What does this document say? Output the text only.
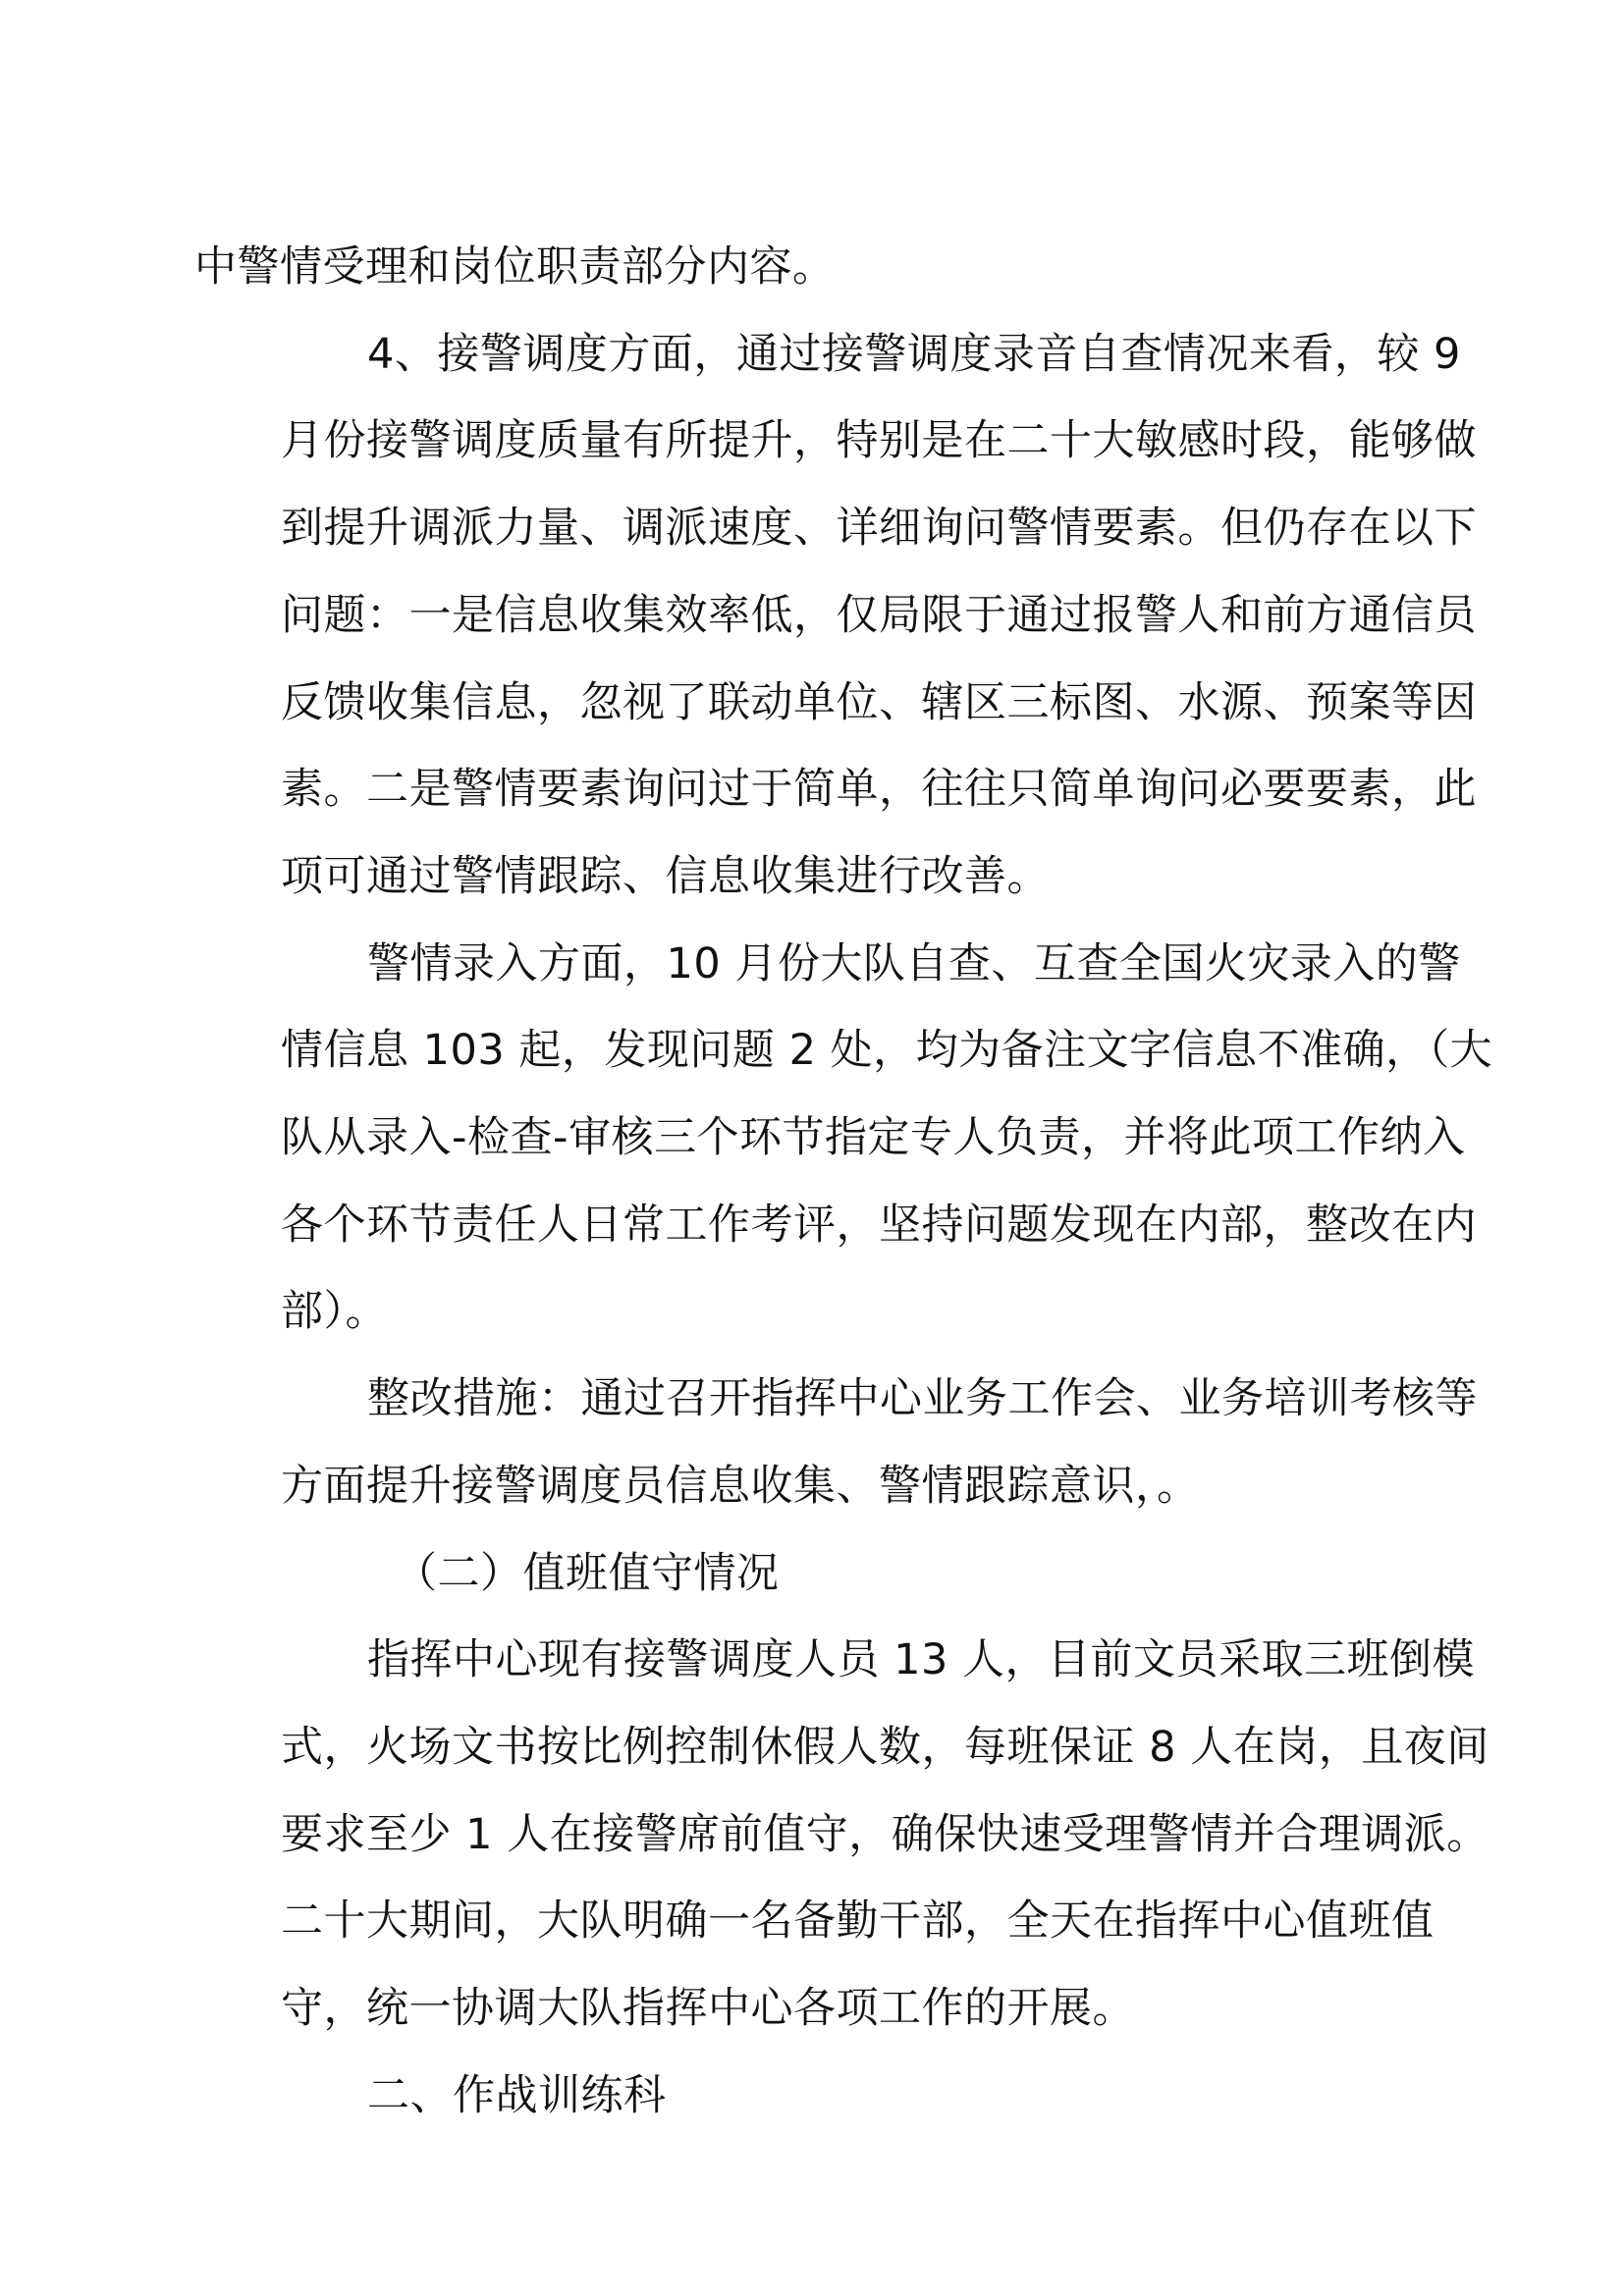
中警情受理和岗位职责部分内容。

4、接警调度方面，通过接警调度录音自查情况来看，较 9
月份接警调度质量有所提升，特别是在二十大敏感时段，能够做
到提升调派力量、调派速度、详细询问警情要素。但仍存在以下
问题：一是信息收集效率低，仅局限于通过报警人和前方通信员
反馈收集信息，忽视了联动单位、辖区三标图、水源、预案等因
素。二是警情要素询问过于简单，往往只简单询问必要要素，此
项可通过警情跟踪、信息收集进行改善。
警情录入方面，10 月份大队自查、互查全国火灾录入的警
情信息 103 起，发现问题 2 处，均为备注文字信息不准确，（大
队从录入-检查-审核三个环节指定专人负责，并将此项工作纳入
各个环节责任人日常工作考评，坚持问题发现在内部，整改在内
部）。
整改措施：通过召开指挥中心业务工作会、业务培训考核等
方面提升接警调度员信息收集、警情跟踪意识，。
（二）值班值守情况
指挥中心现有接警调度人员 13 人，目前文员采取三班倒模
式，火场文书按比例控制休假人数，每班保证 8 人在岗，且夜间
要求至少 1 人在接警席前值守，确保快速受理警情并合理调派。
二十大期间，大队明确一名备勤干部，全天在指挥中心值班值
守，统一协调大队指挥中心各项工作的开展。
二、作战训练科
